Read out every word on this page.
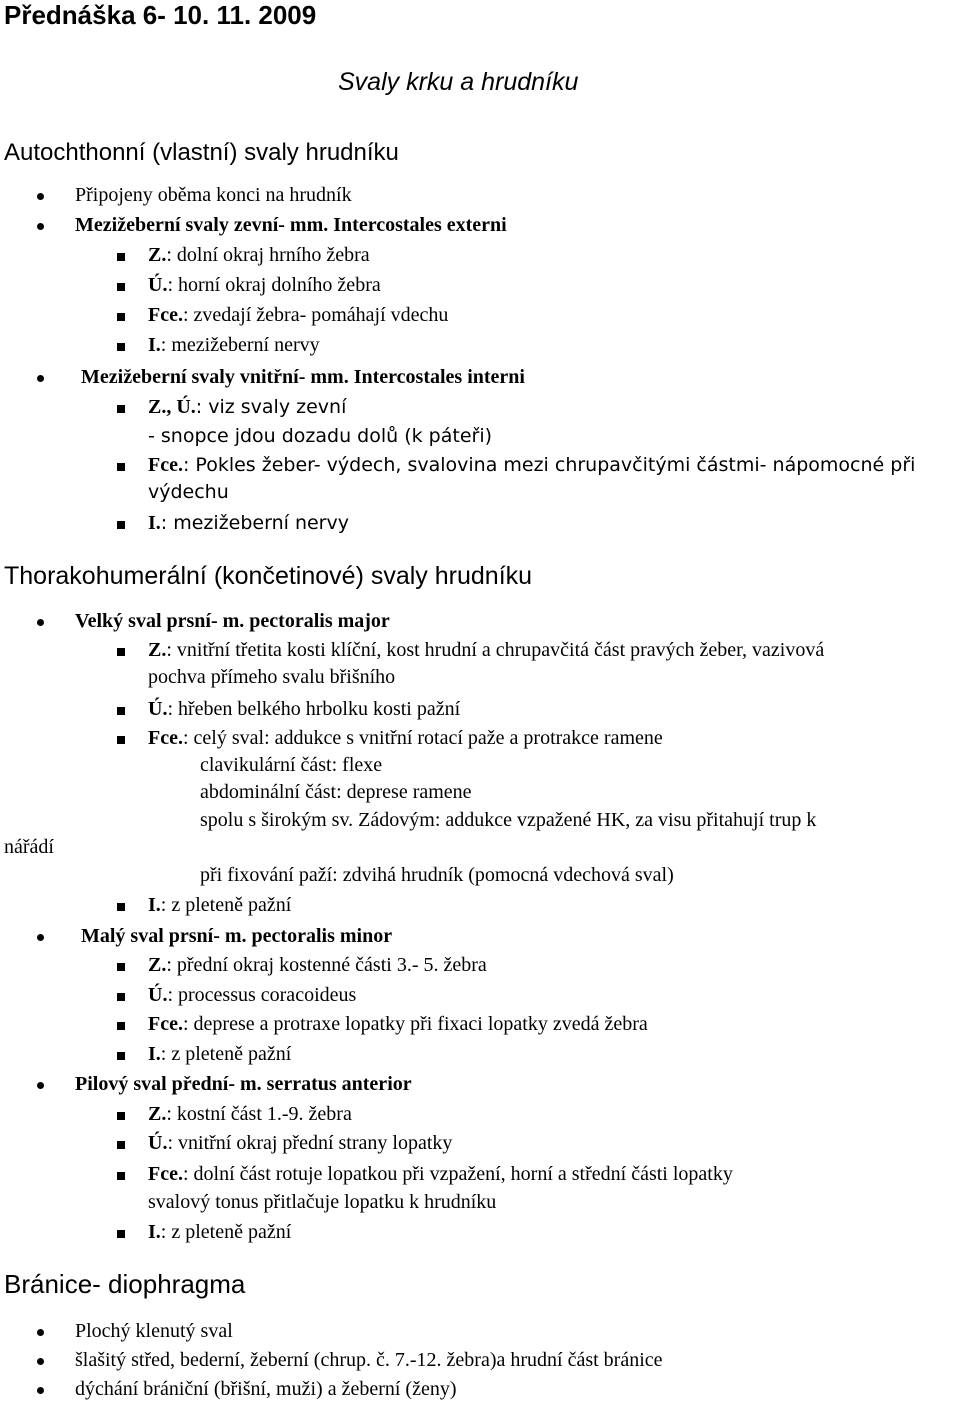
Přednáška 6- 10. 11. 2009
Svaly krku a hrudníku
Autochthonní (vlastní) svaly hrudníku
Připojeny oběma konci na hrudník
Mezižeberní svaly zevní- mm. Intercostales externi
Z.: dolní okraj hrního žebra
Ú.: horní okraj dolního žebra
Fce.: zvedají žebra- pomáhají vdechu
I.: mezižeberní nervy
Mezižeberní svaly vnitřní- mm. Intercostales interni
Z., Ú.: viz svaly zevní
- snopce jdou dozadu dolů (k páteři)
Fce.: Pokles žeber- výdech, svalovina mezi chrupavčitými částmi- nápomocné při
výdechu
I.: mezižeberní nervy
Thorakohumerální (končetinové) svaly hrudníku
Velký sval prsní- m. pectoralis major
Z.: vnitřní třetita kosti klíční, kost hrudní a chrupavčitá část pravých žeber, vazivová
pochva přímeho svalu břišního
Ú.: hřeben belkého hrbolku kosti pažní
Fce.: celý sval: addukce s vnitřní rotací paže a protrakce ramene
clavikulární část: flexe
abdominální část: deprese ramene
spolu s širokým sv. Zádovým: addukce vzpažené HK, za visu přitahují trup k
nářádí
při fixování paží: zdvihá hrudník (pomocná vdechová sval)
I.: z pleteně pažní
Malý sval prsní- m. pectoralis minor
Z.: přední okraj kostenné části 3.- 5. žebra
Ú.: processus coracoideus
Fce.: deprese a protraxe lopatky při fixaci lopatky zvedá žebra
I.: z pleteně pažní
Pilový sval přední- m. serratus anterior
Z.: kostní část 1.-9. žebra
Ú.: vnitřní okraj přední strany lopatky
Fce.: dolní část rotuje lopatkou při vzpažení, horní a střední části lopatky
svalový tonus přitlačuje lopatku k hrudníku
I.: z pleteně pažní
Bránice- diophragma
Plochý klenutý sval
šlašitý střed, bederní, žeberní (chrup. č. 7.-12. žebra)a hrudní část bránice
dýchání brániční (břišní, muži) a žeberní (ženy)
